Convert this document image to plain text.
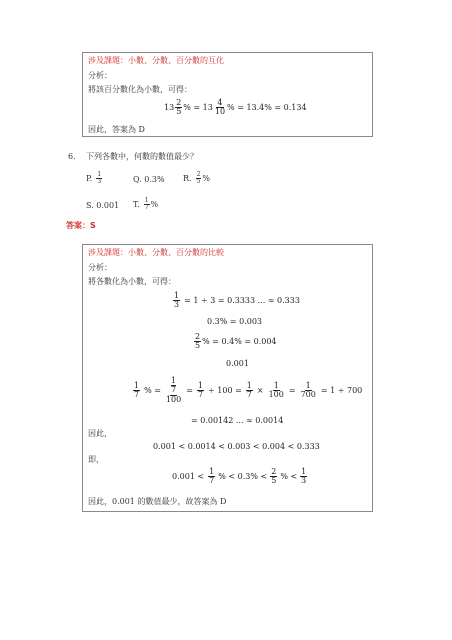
涉及課題：小數、分數、百分數的互化
分析：
將該百分數化為小數，可得：
$13 \frac{2}{5}$ % = $13 \frac{4}{10}$ % = 13.4% = 0.134
因此，答案為 D
6. 下列各數中，何數的數值最少？
P. $\frac{1}{3}$	Q. 0.3% R. $\frac{2}{5}$ %
S. 0.001 T. $\frac{1}{7}$ %
答案：S
涉及課題：小數、分數、百分數的比較
分析：
將各數化為小數，可得：
$\frac{1}{3} = 1 \div 3 = 0.3333$ ... ≈ 0.333
0.3% = 0.003
$\frac{2}{5}$ % = 0.4% = 0.004
0.001
$\frac{1}{7}$ % = 1
7
$100 = \frac{1}{7} \div 100 = \frac{1}{7} \times \frac{1}{100} = \frac{1}{700} = 1 \div 700$
= 0.00142 ... ≈ 0.0014
因此，
0.001 < 0.0014 < 0.003 < 0.004 < 0.333
即，
$0.001 < \frac{1}{7}$ % < $0.3\% < \frac{2}{5}$ % < $\frac{1}{3}$
因此，0.001 的數值最少，故答案為 D
